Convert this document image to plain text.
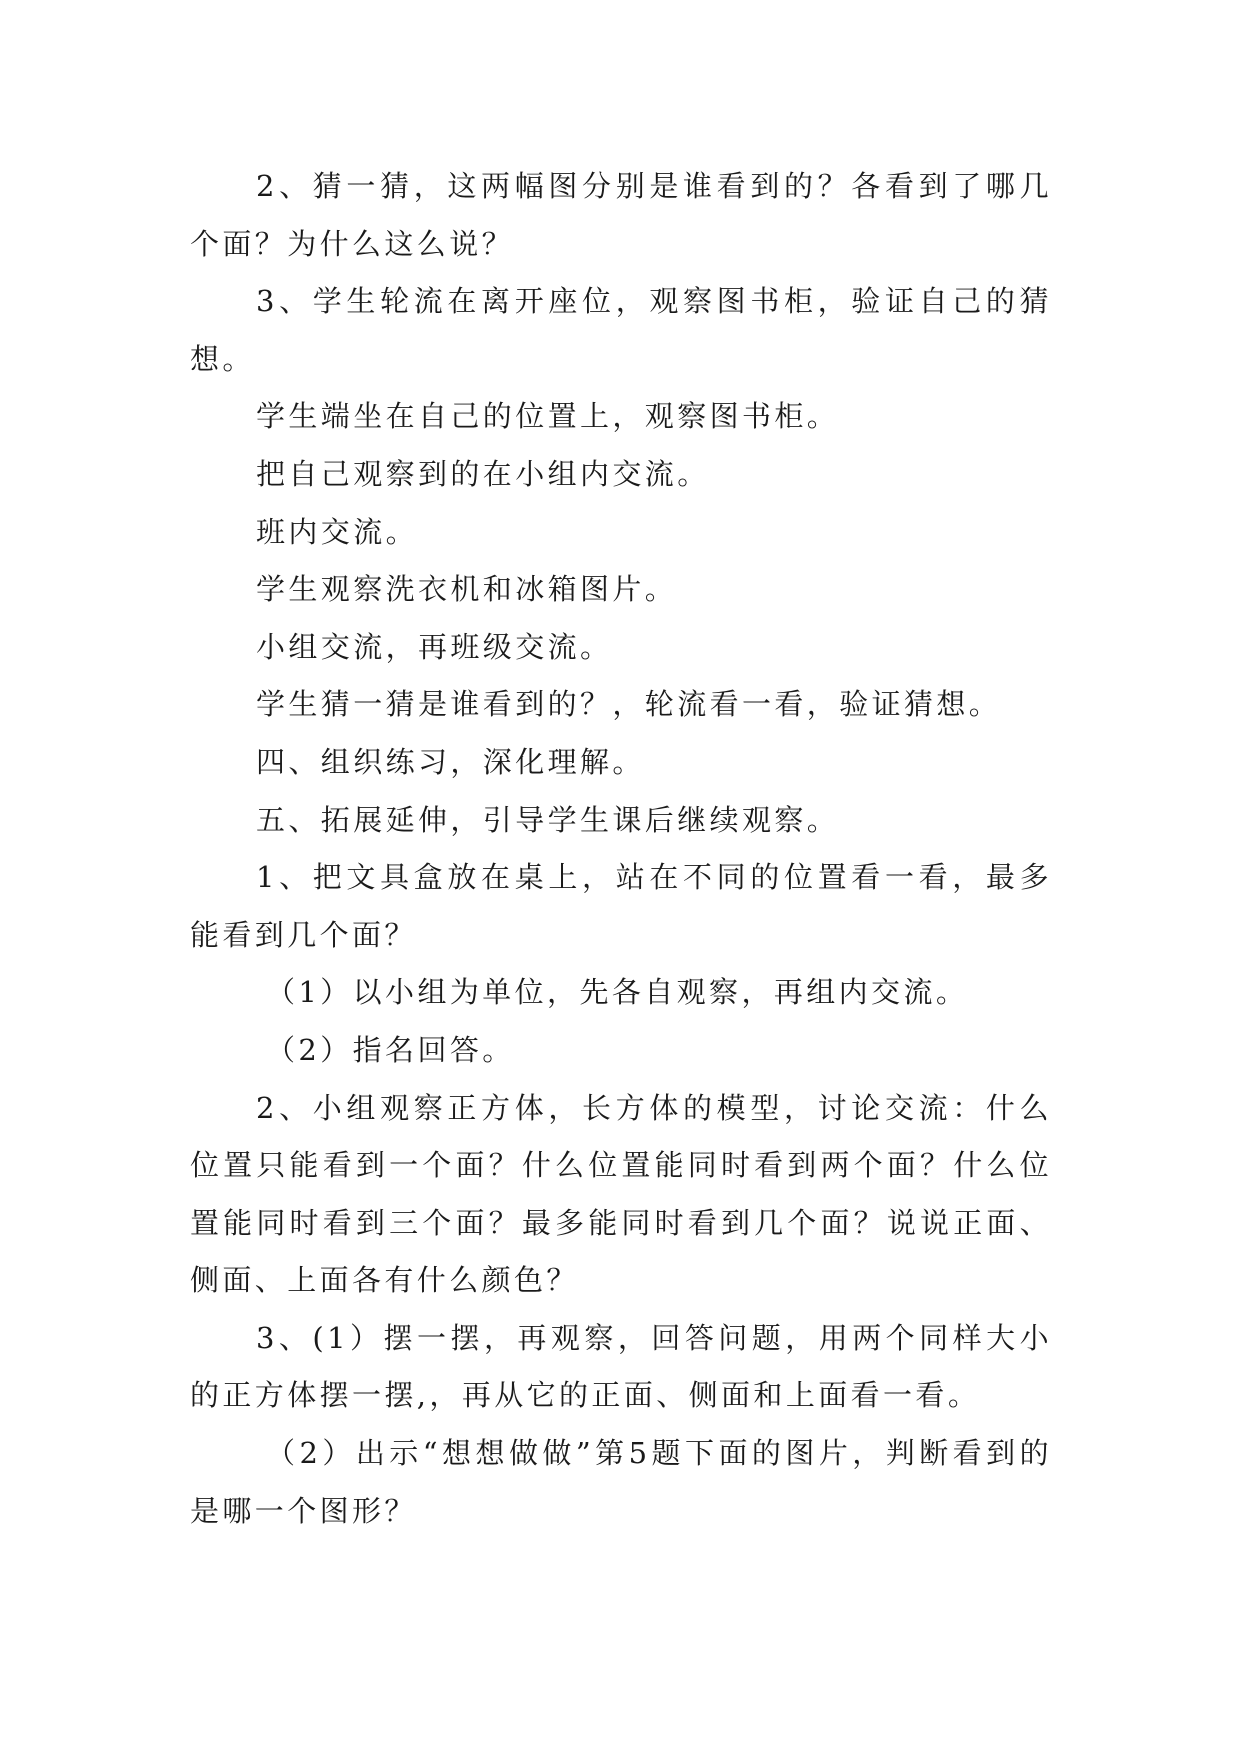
2、猜一猜，这两幅图分别是谁看到的？各看到了哪几个面？为什么这么说？

3、学生轮流在离开座位，观察图书柜，验证自己的猜想。

学生端坐在自己的位置上，观察图书柜。

把自己观察到的在小组内交流。

班内交流。

学生观察洗衣机和冰箱图片。

小组交流，再班级交流。

学生猜一猜是谁看到的？，轮流看一看，验证猜想。

四、组织练习，深化理解。

五、拓展延伸，引导学生课后继续观察。

1、把文具盒放在桌上，站在不同的位置看一看，最多能看到几个面？

（1）以小组为单位，先各自观察，再组内交流。

（2）指名回答。

2、小组观察正方体，长方体的模型，讨论交流：什么位置只能看到一个面？什么位置能同时看到两个面？什么位置能同时看到三个面？最多能同时看到几个面？说说正面、侧面、上面各有什么颜色？

3、(1）摆一摆，再观察，回答问题，用两个同样大小的正方体摆一摆,，再从它的正面、侧面和上面看一看。

（2）出示“想想做做”第5题下面的图片，判断看到的是哪一个图形？
